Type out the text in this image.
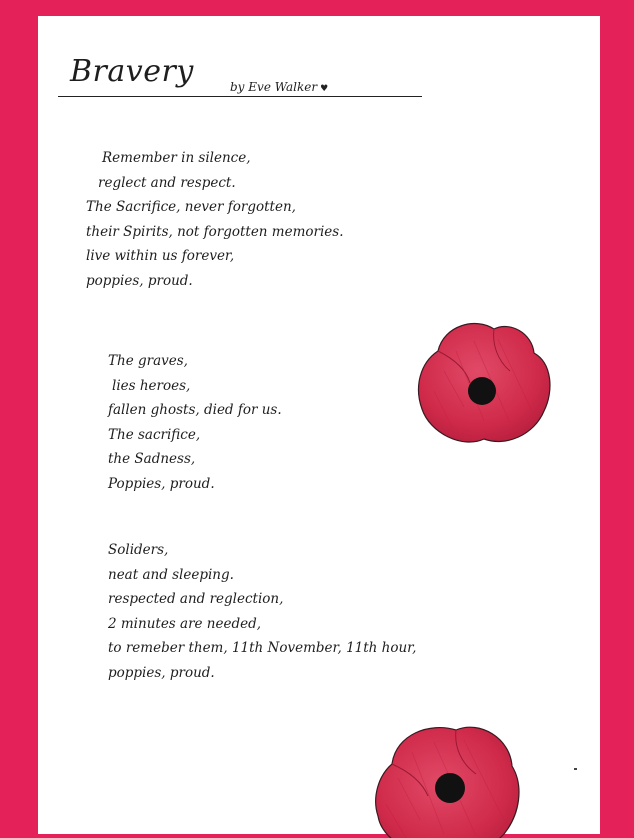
Bravery	by Eve Walker ♥
Remember in silence,
reglect and respect.
The Sacrifice, never forgotten,
their Spirits, not forgotten memories.
live within us forever,
poppies, proud.
The graves,
lies heroes,
fallen ghosts, died for us.
The sacrifice,
the Sadness,
Poppies, proud.
Soliders,
neat and sleeping.
respected and reglection,
2 minutes are needed,
to remeber them, 11th November, 11th hour,
poppies, proud.
